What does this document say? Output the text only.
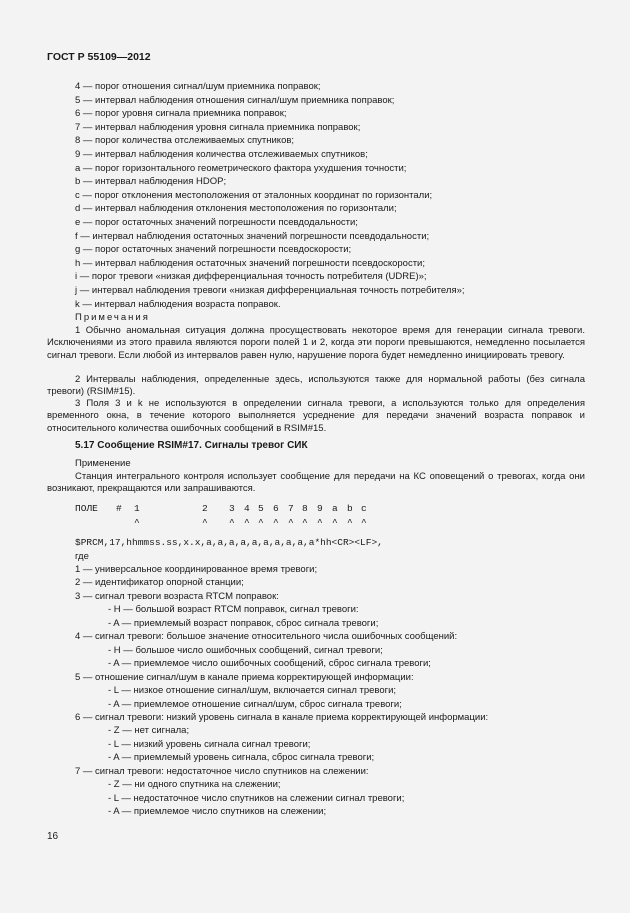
ГОСТ Р 55109—2012
4 — порог отношения сигнал/шум приемника поправок;
5 — интервал наблюдения отношения сигнал/шум приемника поправок;
6 — порог уровня сигнала приемника поправок;
7 — интервал наблюдения уровня сигнала приемника поправок;
8 — порог количества отслеживаемых спутников;
9 — интервал наблюдения количества отслеживаемых спутников;
a — порог горизонтального геометрического фактора ухудшения точности;
b — интервал наблюдения HDOP;
с — порог отклонения местоположения от эталонных координат по горизонтали;
d — интервал наблюдения отклонения местоположения по горизонтали;
e — порог остаточных значений погрешности псевдодальности;
f — интервал наблюдения остаточных значений погрешности псевдодальности;
g — порог остаточных значений погрешности псевдоскорости;
h — интервал наблюдения остаточных значений погрешности псевдоскорости;
i — порог тревоги «низкая дифференциальная точность потребителя (UDRE)»;
j — интервал наблюдения тревоги «низкая дифференциальная точность потребителя»;
k — интервал наблюдения возраста поправок.
Примечания

1 Обычно аномальная ситуация должна просуществовать некоторое время для генерации сигнала тревоги. Исключениями из этого правила являются пороги полей 1 и 2, когда эти пороги превышаются, немедленно посылается сигнал тревоги. Если любой из интервалов равен нулю, нарушение порога будет немедленно инициировать тревогу.

2 Интервалы наблюдения, определенные здесь, используются также для нормальной работы (без сигнала тревоги) (RSIM#15).

3 Поля 3 и k не используются в определении сигнала тревоги, а используются только для определения временного окна, в течение которого выполняется усреднение для передачи значений возраста поправок и относительного количества ошибочных сообщений в RSIM#15.

5.17 Сообщение RSIM#17. Сигналы тревог СИК
Применение

Станция интегрального контроля использует сообщение для передачи на КС оповещений о тревогах, когда они возникают, прекращаются или запрашиваются.

ПОЛЕ # 1	2 3 4 5 6 7 8 9 a b c
^	^ ^ ^ ^ ^ ^ ^ ^ ^ ^ ^
$PRCM,17,hhmmss.ss,x.x,a,a,a,a,a,a,a,a,a,a*hh<CR><LF>,
где
1 — универсальное координированное время тревоги;
2 — идентификатор опорной станции;
3 — сигнал тревоги возраста RTCM поправок:
- H — большой возраст RTCM поправок, сигнал тревоги:
- A — приемлемый возраст поправок, сброс сигнала тревоги;
4 — сигнал тревоги: большое значение относительного числа ошибочных сообщений:
- H — большое число ошибочных сообщений, сигнал тревоги;
- A — приемлемое число ошибочных сообщений, сброс сигнала тревоги;
5 — отношение сигнал/шум в канале приема корректирующей информации:
- L — низкое отношение сигнал/шум, включается сигнал тревоги;
- A — приемлемое отношение сигнал/шум, сброс сигнала тревоги;
6 — сигнал тревоги: низкий уровень сигнала в канале приема корректирующей информации:
- Z — нет сигнала;
- L — низкий уровень сигнала сигнал тревоги;
- A — приемлемый уровень сигнала, сброс сигнала тревоги;
7 — сигнал тревоги: недостаточное число спутников на слежении:
- Z — ни одного спутника на слежении;
- L — недостаточное число спутников на слежении сигнал тревоги;
- A — приемлемое число спутников на слежении;
16
